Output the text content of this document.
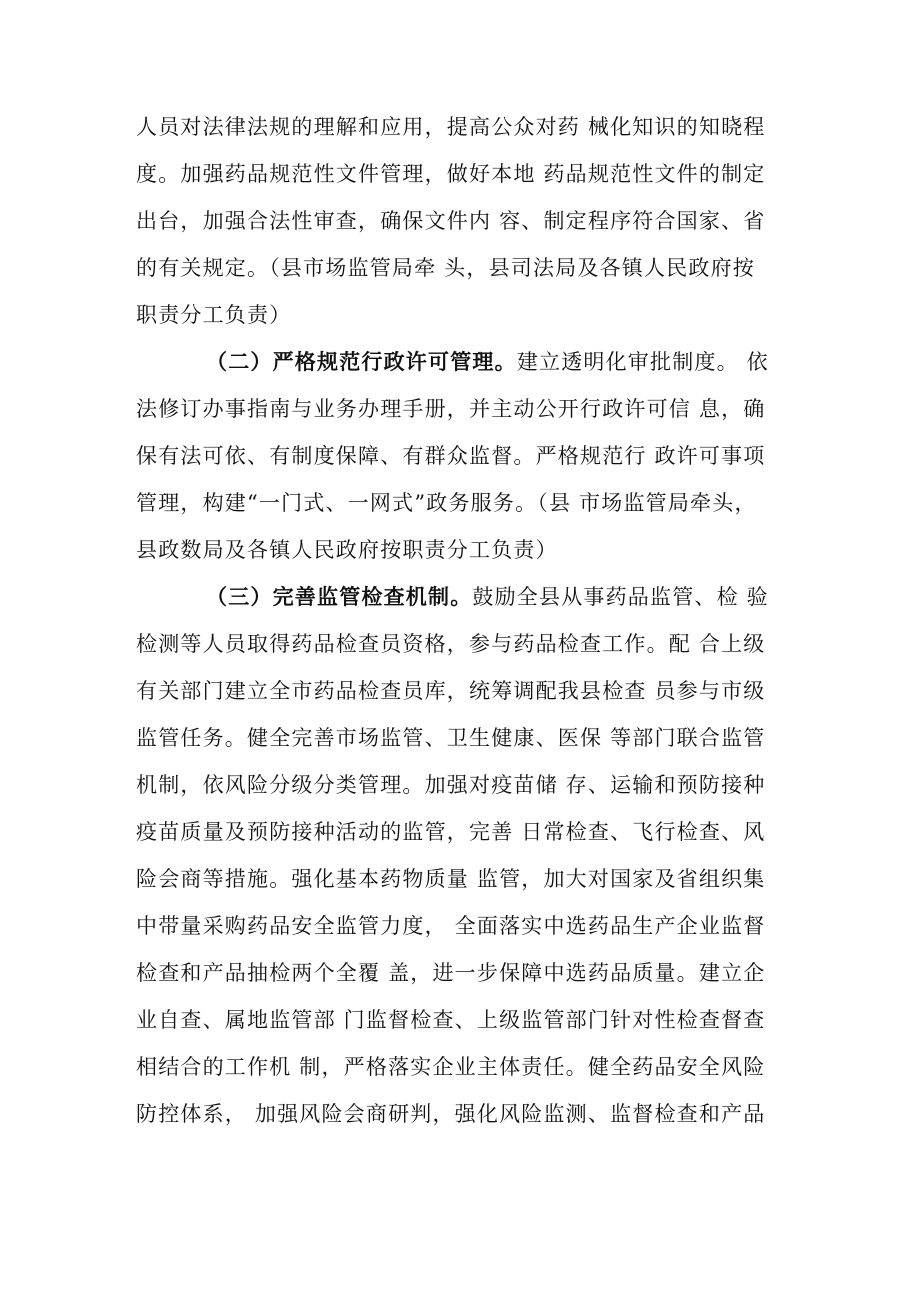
人员对法律法规的理解和应用，提高公众对药 械化知识的知晓程
度。加强药品规范性文件管理，做好本地 药品规范性文件的制定
出台，加强合法性审查，确保文件内 容、制定程序符合国家、省
的有关规定。（县市场监管局牵 头，县司法局及各镇人民政府按
职责分工负责）
（二）严格规范行政许可管理。建立透明化审批制度。 依
法修订办事指南与业务办理手册，并主动公开行政许可信 息，确
保有法可依、有制度保障、有群众监督。严格规范行 政许可事项
管理，构建“一门式、一网式”政务服务。（县 市场监管局牵头，
县政数局及各镇人民政府按职责分工负责）
（三）完善监管检查机制。鼓励全县从事药品监管、检 验
检测等人员取得药品检查员资格，参与药品检查工作。配 合上级
有关部门建立全市药品检查员库，统筹调配我县检查 员参与市级
监管任务。健全完善市场监管、卫生健康、医保 等部门联合监管
机制，依风险分级分类管理。加强对疫苗储 存、运输和预防接种
疫苗质量及预防接种活动的监管，完善 日常检查、飞行检查、风
险会商等措施。强化基本药物质量 监管，加大对国家及省组织集
中带量采购药品安全监管力度， 全面落实中选药品生产企业监督
检查和产品抽检两个全覆 盖，进一步保障中选药品质量。建立企
业自查、属地监管部 门监督检查、上级监管部门针对性检查督查
相结合的工作机 制，严格落实企业主体责任。健全药品安全风险
防控体系， 加强风险会商研判，强化风险监测、监督检查和产品
